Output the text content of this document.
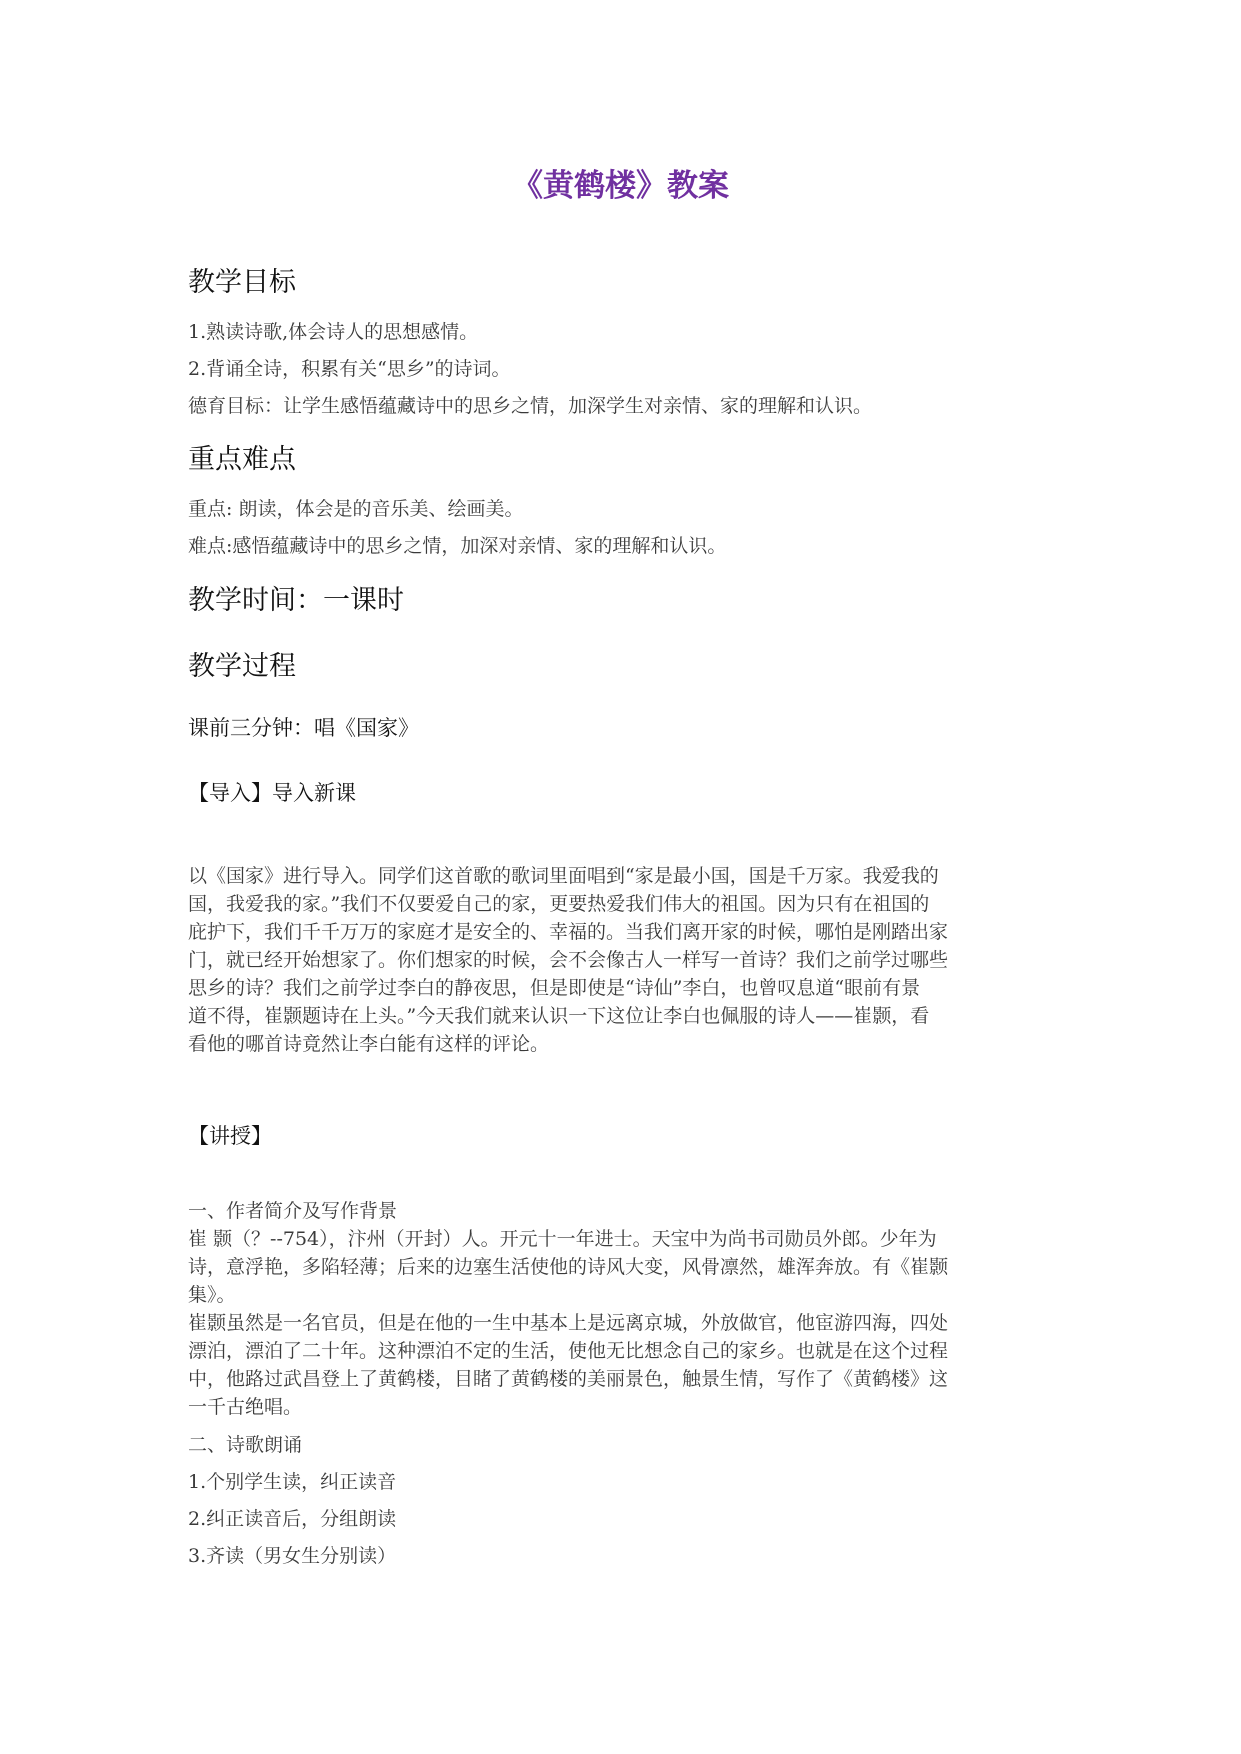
《黄鹤楼》教案
教学目标
1.熟读诗歌,体会诗人的思想感情。
2.背诵全诗，积累有关“思乡”的诗词。
德育目标：让学生感悟蕴藏诗中的思乡之情，加深学生对亲情、家的理解和认识。
重点难点
重点: 朗读，体会是的音乐美、绘画美。
难点:感悟蕴藏诗中的思乡之情，加深对亲情、家的理解和认识。
教学时间：一课时
教学过程
课前三分钟：唱《国家》
【导入】导入新课
以《国家》进行导入。同学们这首歌的歌词里面唱到“家是最小国，国是千万家。我爱我的
国，我爱我的家。”我们不仅要爱自己的家，更要热爱我们伟大的祖国。因为只有在祖国的
庇护下，我们千千万万的家庭才是安全的、幸福的。当我们离开家的时候，哪怕是刚踏出家
门，就已经开始想家了。你们想家的时候，会不会像古人一样写一首诗？我们之前学过哪些
思乡的诗？我们之前学过李白的静夜思，但是即使是“诗仙”李白，也曾叹息道“眼前有景
道不得，崔颢题诗在上头。”今天我们就来认识一下这位让李白也佩服的诗人——崔颢，看
看他的哪首诗竟然让李白能有这样的评论。
【讲授】
一、作者简介及写作背景
崔 颢（？--754），汴州（开封）人。开元十一年进士。天宝中为尚书司勋员外郎。少年为
诗，意浮艳，多陷轻薄；后来的边塞生活使他的诗风大变，风骨凛然，雄浑奔放。有《崔颢
集》。
崔颢虽然是一名官员，但是在他的一生中基本上是远离京城，外放做官，他宦游四海，四处
漂泊，漂泊了二十年。这种漂泊不定的生活，使他无比想念自己的家乡。也就是在这个过程
中，他路过武昌登上了黄鹤楼，目睹了黄鹤楼的美丽景色，触景生情，写作了《黄鹤楼》这
一千古绝唱。
二、诗歌朗诵
1.个别学生读，纠正读音
2.纠正读音后，分组朗读
3.齐读（男女生分别读）
